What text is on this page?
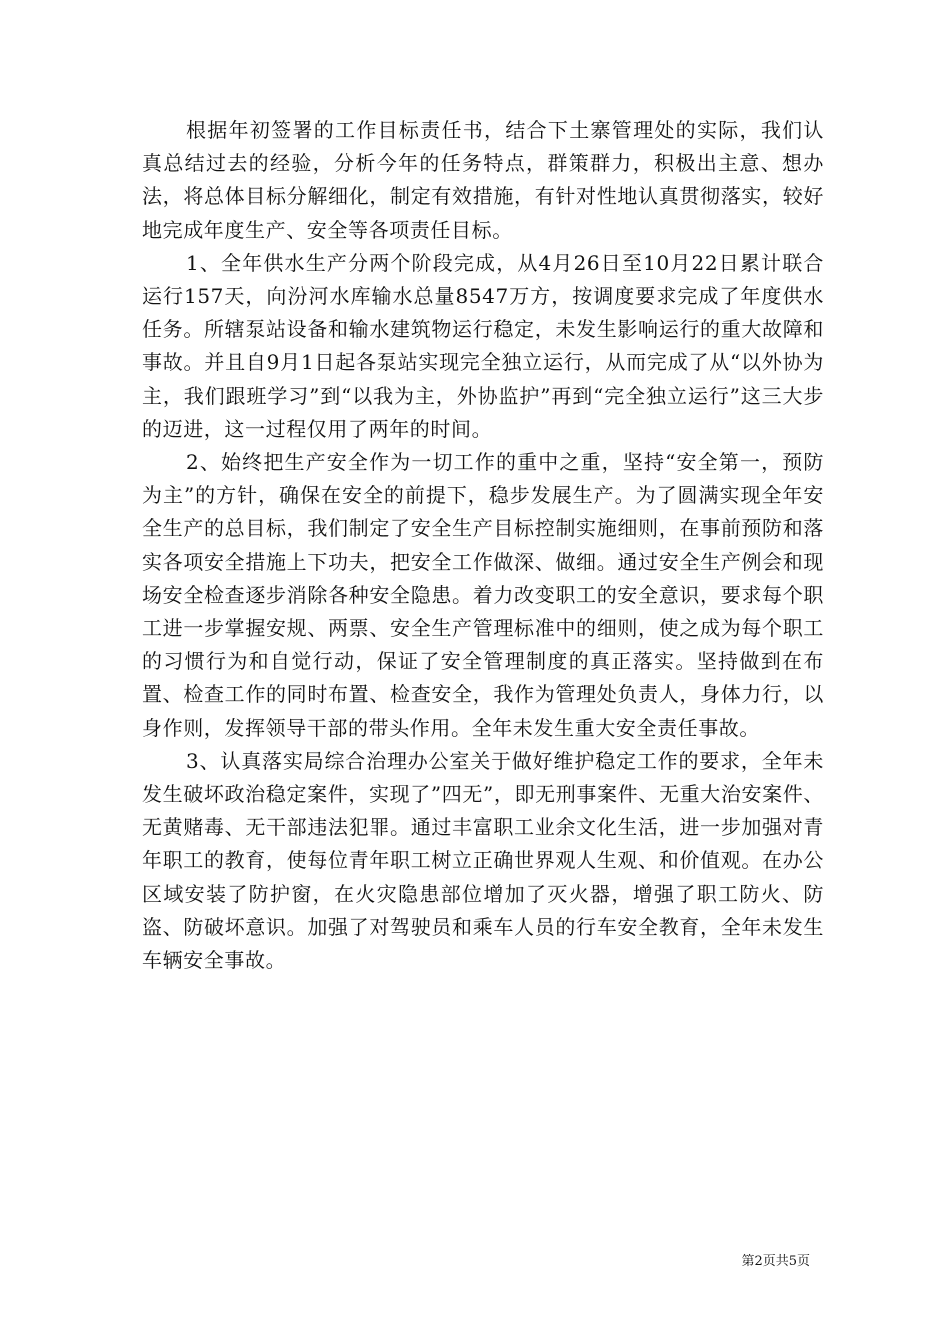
根据年初签署的工作目标责任书，结合下土寨管理处的实际，我们认真总结过去的经验，分析今年的任务特点，群策群力，积极出主意、想办法，将总体目标分解细化，制定有效措施，有针对性地认真贯彻落实，较好地完成年度生产、安全等各项责任目标。

1、全年供水生产分两个阶段完成，从4月26日至10月22日累计联合运行157天，向汾河水库输水总量8547万方，按调度要求完成了年度供水任务。所辖泵站设备和输水建筑物运行稳定，未发生影响运行的重大故障和事故。并且自9月1日起各泵站实现完全独立运行，从而完成了从“以外协为主，我们跟班学习”到“以我为主，外协监护”再到“完全独立运行”这三大步的迈进，这一过程仅用了两年的时间。

2、始终把生产安全作为一切工作的重中之重，坚持“安全第一，预防为主”的方针，确保在安全的前提下，稳步发展生产。为了圆满实现全年安全生产的总目标，我们制定了安全生产目标控制实施细则，在事前预防和落实各项安全措施上下功夫，把安全工作做深、做细。通过安全生产例会和现场安全检查逐步消除各种安全隐患。着力改变职工的安全意识，要求每个职工进一步掌握安规、两票、安全生产管理标准中的细则，使之成为每个职工的习惯行为和自觉行动，保证了安全管理制度的真正落实。坚持做到在布置、检查工作的同时布置、检查安全，我作为管理处负责人，身体力行，以身作则，发挥领导干部的带头作用。全年未发生重大安全责任事故。

3、认真落实局综合治理办公室关于做好维护稳定工作的要求，全年未发生破坏政治稳定案件，实现了”四无”，即无刑事案件、无重大治安案件、无黄赌毒、无干部违法犯罪。通过丰富职工业余文化生活，进一步加强对青年职工的教育，使每位青年职工树立正确世界观人生观、和价值观。在办公区域安装了防护窗，在火灾隐患部位增加了灭火器，增强了职工防火、防盗、防破坏意识。加强了对驾驶员和乘车人员的行车安全教育，全年未发生车辆安全事故。

第2页共5页
